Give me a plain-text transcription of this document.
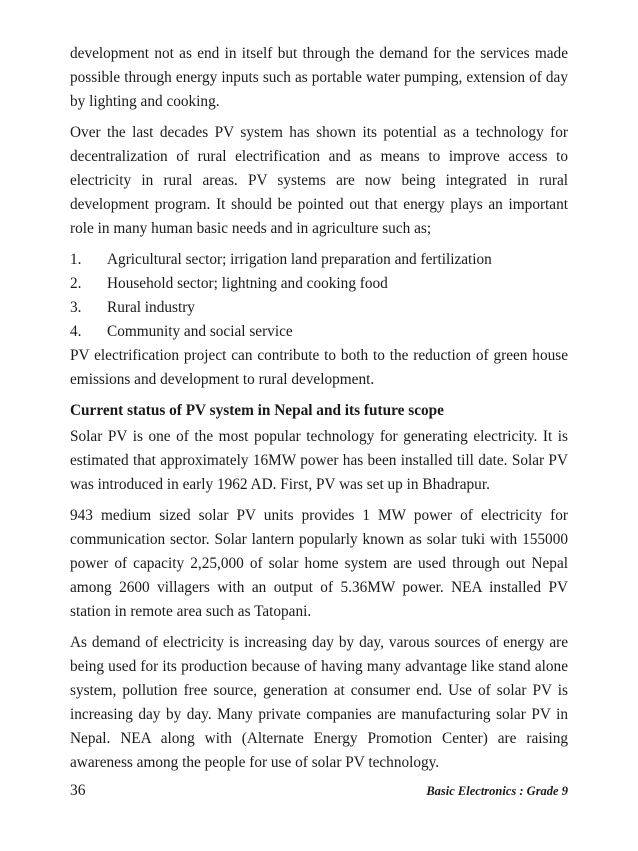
development not as end in itself but through the demand for the services made possible through energy inputs such as portable water pumping, extension of day by lighting and cooking.

Over the last decades PV system has shown its potential as a technology for decentralization of rural electrification and as means to improve access to electricity in rural areas. PV systems are now being integrated in rural development program. It should be pointed out that energy plays an important role in many human basic needs and in agriculture such as;

1.	Agricultural sector; irrigation land preparation and fertilization
2.	Household sector; lightning and cooking food
3.	Rural industry
4.	Community and social service

PV electrification project can contribute to both to the reduction of green house emissions and development to rural development.

Current status of PV system in Nepal and its future scope

Solar PV is one of the most popular technology for generating electricity. It is estimated that approximately 16MW power has been installed till date. Solar PV was introduced in early 1962 AD. First, PV was set up in Bhadrapur.

943 medium sized solar PV units provides 1 MW power of electricity for communication sector. Solar lantern popularly known as solar tuki with 155000 power of capacity 2,25,000 of solar home system are used through out Nepal among 2600 villagers with an output of 5.36MW power. NEA installed PV station in remote area such as Tatopani.

As demand of electricity is increasing day by day, varous sources of energy are being used for its production because of having many advantage like stand alone system, pollution free source, generation at consumer end. Use of solar PV is increasing day by day. Many private companies are manufacturing solar PV in Nepal. NEA along with (Alternate Energy Promotion Center) are raising awareness among the people for use of solar PV technology.

36	Basic Electronics : Grade 9
